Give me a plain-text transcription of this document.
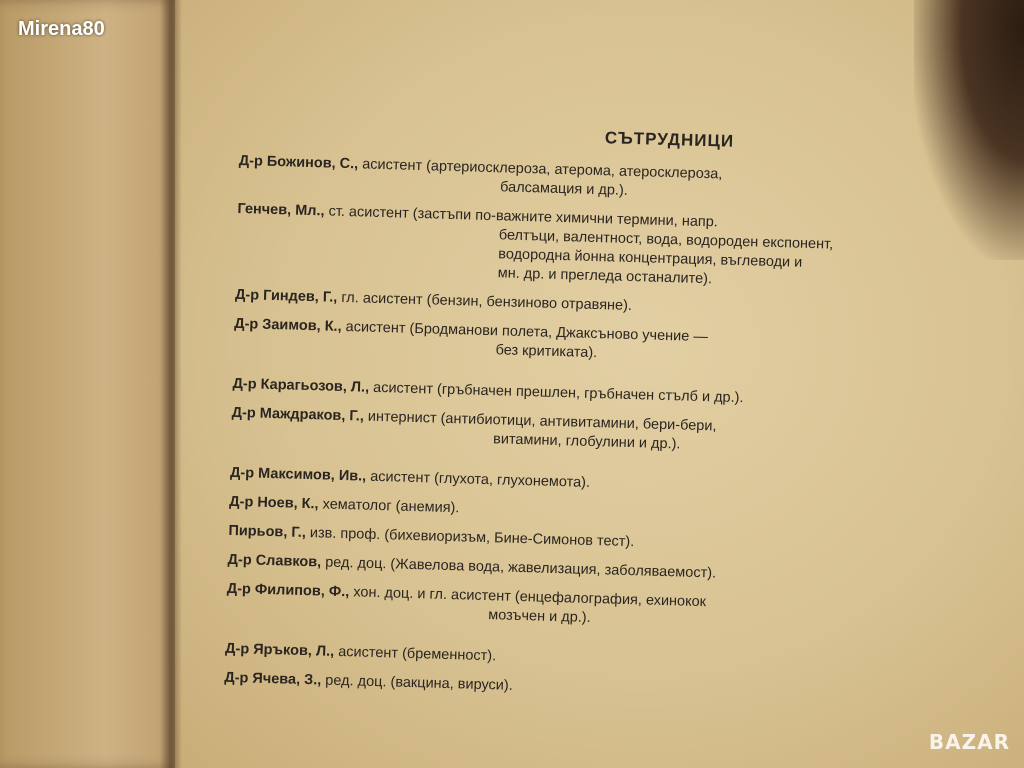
Mirena80
BAZAR
СЪТРУДНИЦИ
Д-р Божинов, С., асистент (артериосклероза, атерома, атеросклероза,
балсамация и др.).
Генчев, Мл., ст. асистент (застъпи по-важните химични термини, напр.
белтъци, валентност, вода, водороден експонент,
водородна йонна концентрация, въглеводи и
мн. др. и прегледа останалите).
Д-р Гиндев, Г., гл. асистент (бензин, бензиново отравяне).
Д-р Заимов, К., асистент (Бродманови полета, Джаксъново учение —
без критиката).
Д-р Карагьозов, Л., асистент (гръбначен прешлен, гръбначен стълб и др.).
Д-р Маждраков, Г., интернист (антибиотици, антивитамини, бери-бери,
витамини, глобулини и др.).
Д-р Максимов, Ив., асистент (глухота, глухонемота).
Д-р Ноев, К., хематолог (анемия).
Пирьов, Г., изв. проф. (бихевиоризъм, Бине-Симонов тест).
Д-р Славков, ред. доц. (Жавелова вода, жавелизация, заболяваемост).
Д-р Филипов, Ф., хон. доц. и гл. асистент (енцефалография, ехинокок
мозъчен и др.).
Д-р Яръков, Л., асистент (бременност).
Д-р Ячева, З., ред. доц. (вакцина, вируси).
